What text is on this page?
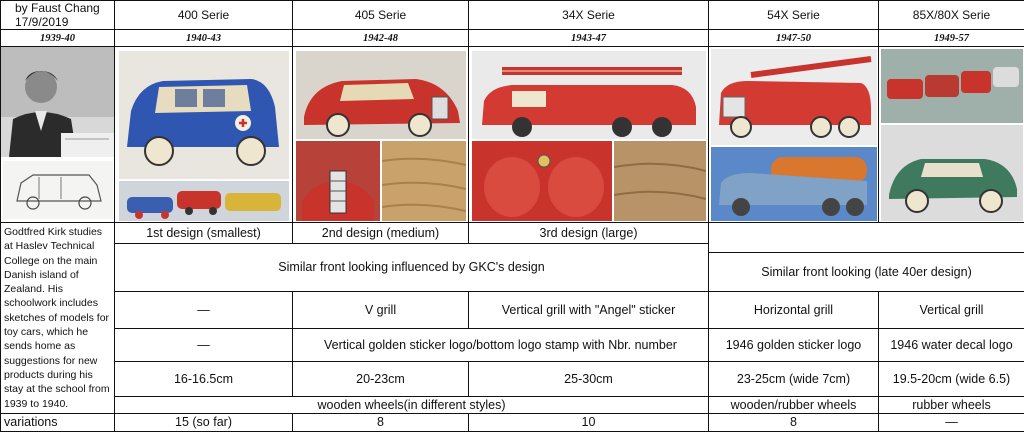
by Faust Chang 17/9/2019	400 Serie	405 Serie	34X Serie	54X Serie	85X/80X Serie
1939-40	1940-43	1942-48	1943-47	1947-50	1949-57

Godtfred Kirk studies at Haslev Technical College on the main Danish island of Zealand. His schoolwork includes sketches of models for toy cars, which he sends home as suggestions for new products during his stay at the school from 1939 to 1940.	1st design (smallest)	2nd design (medium)	3rd design (large)		
	Similar front looking influenced by GKC's design				
				Similar front looking (late 40er design)	
	—	V grill	Vertical grill with "Angel" sticker	Horizontal grill	Vertical grill
	—	Vertical golden sticker logo/bottom logo stamp with Nbr. number		1946 golden sticker logo	1946 water decal logo
	16-16.5cm	20-23cm	25-30cm	23-25cm (wide 7cm)	19.5-20cm (wide 6.5)
	wooden wheels(in different styles)			wooden/rubber wheels	rubber wheels
variations	15 (so far)	8	10	8	—
